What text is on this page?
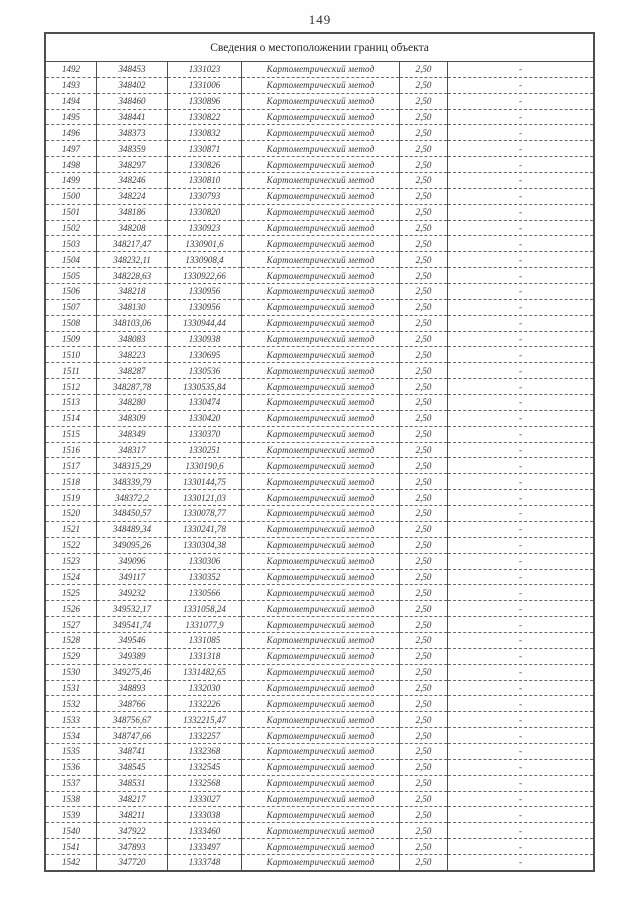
149
Сведения о местоположении границ объекта					
1492	348453	1331023	Картометрический метод	2,50	-
1493	348402	1331006	Картометрический метод	2,50	-
1494	348460	1330896	Картометрический метод	2,50	-
1495	348441	1330822	Картометрический метод	2,50	-
1496	348373	1330832	Картометрический метод	2,50	-
1497	348359	1330871	Картометрический метод	2,50	-
1498	348297	1330826	Картометрический метод	2,50	-
1499	348246	1330810	Картометрический метод	2,50	-
1500	348224	1330793	Картометрический метод	2,50	-
1501	348186	1330820	Картометрический метод	2,50	-
1502	348208	1330923	Картометрический метод	2,50	-
1503	348217,47	1330901,6	Картометрический метод	2,50	-
1504	348232,11	1330908,4	Картометрический метод	2,50	-
1505	348228,63	1330922,66	Картометрический метод	2,50	-
1506	348218	1330956	Картометрический метод	2,50	-
1507	348130	1330956	Картометрический метод	2,50	-
1508	348103,06	1330944,44	Картометрический метод	2,50	-
1509	348083	1330938	Картометрический метод	2,50	-
1510	348223	1330695	Картометрический метод	2,50	-
1511	348287	1330536	Картометрический метод	2,50	-
1512	348287,78	1330535,84	Картометрический метод	2,50	-
1513	348280	1330474	Картометрический метод	2,50	-
1514	348309	1330420	Картометрический метод	2,50	-
1515	348349	1330370	Картометрический метод	2,50	-
1516	348317	1330251	Картометрический метод	2,50	-
1517	348315,29	1330190,6	Картометрический метод	2,50	-
1518	348339,79	1330144,75	Картометрический метод	2,50	-
1519	348372,2	1330121,03	Картометрический метод	2,50	-
1520	348450,57	1330078,77	Картометрический метод	2,50	-
1521	348489,34	1330241,78	Картометрический метод	2,50	-
1522	349095,26	1330304,38	Картометрический метод	2,50	-
1523	349096	1330306	Картометрический метод	2,50	-
1524	349117	1330352	Картометрический метод	2,50	-
1525	349232	1330566	Картометрический метод	2,50	-
1526	349532,17	1331058,24	Картометрический метод	2,50	-
1527	349541,74	1331077,9	Картометрический метод	2,50	-
1528	349546	1331085	Картометрический метод	2,50	-
1529	349389	1331318	Картометрический метод	2,50	-
1530	349275,46	1331482,65	Картометрический метод	2,50	-
1531	348893	1332030	Картометрический метод	2,50	-
1532	348766	1332226	Картометрический метод	2,50	-
1533	348756,67	1332215,47	Картометрический метод	2,50	-
1534	348747,66	1332257	Картометрический метод	2,50	-
1535	348741	1332368	Картометрический метод	2,50	-
1536	348545	1332545	Картометрический метод	2,50	-
1537	348531	1332568	Картометрический метод	2,50	-
1538	348217	1333027	Картометрический метод	2,50	-
1539	348211	1333038	Картометрический метод	2,50	-
1540	347922	1333460	Картометрический метод	2,50	-
1541	347893	1333497	Картометрический метод	2,50	-
1542	347720	1333748	Картометрический метод	2,50	-
